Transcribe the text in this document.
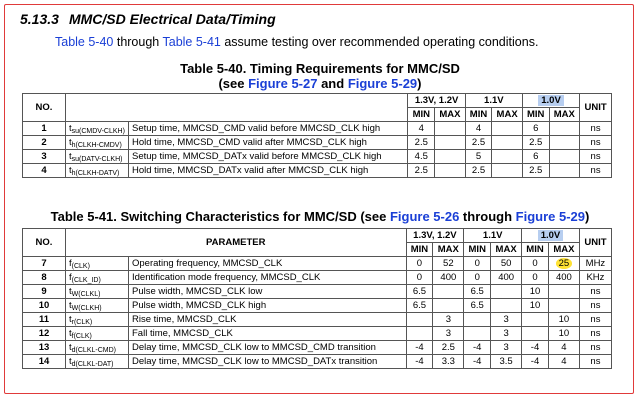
5.13.3 MMC/SD Electrical Data/Timing
Table 5-40 through Table 5-41 assume testing over recommended operating conditions.
Table 5-40. Timing Requirements for MMC/SD
(see Figure 5-27 and Figure 5-29)
NO.			1.3V, 1.2V		1.1V		1.0V		UNIT
			MIN	MAX	MIN	MAX	MIN	MAX	
1	$t_{su(CMDV-CLKH)}$	Setup time, MMCSD_CMD valid before MMCSD_CLK high	4		4		6		ns
2	$t_{h(CLKH-CMDV)}$	Hold time, MMCSD_CMD valid after MMCSD_CLK high	2.5		2.5		2.5		ns
3	$t_{su(DATV-CLKH)}$	Setup time, MMCSD_DATx valid before MMCSD_CLK high	4.5		5		6		ns
4	$t_{h(CLKH-DATV)}$	Hold time, MMCSD_DATx valid after MMCSD_CLK high	2.5		2.5		2.5		ns
Table 5-41. Switching Characteristics for MMC/SD (see Figure 5-26 through Figure 5-29)
NO.	PARAMETER		1.3V, 1.2V		1.1V		1.0V		UNIT
			MIN	MAX	MIN	MAX	MIN	MAX	
7	$f_{(CLK)}$	Operating frequency, MMCSD_CLK	0	52	0	50	0	25	MHz
8	$f_{(CLK\_ID)}$	Identification mode frequency, MMCSD_CLK	0	400	0	400	0	400	KHz
9	$t_{W(CLKL)}$	Pulse width, MMCSD_CLK low	6.5		6.5		10		ns
10	$t_{W(CLKH)}$	Pulse width, MMCSD_CLK high	6.5		6.5		10		ns
11	$t_{r(CLK)}$	Rise time, MMCSD_CLK		3		3		10	ns
12	$t_{f(CLK)}$	Fall time, MMCSD_CLK		3		3		10	ns
13	$t_{d(CLKL-CMD)}$	Delay time, MMCSD_CLK low to MMCSD_CMD transition	-4	2.5	-4	3	-4	4	ns
14	$t_{d(CLKL-DAT)}$	Delay time, MMCSD_CLK low to MMCSD_DATx transition	-4	3.3	-4	3.5	-4	4	ns
